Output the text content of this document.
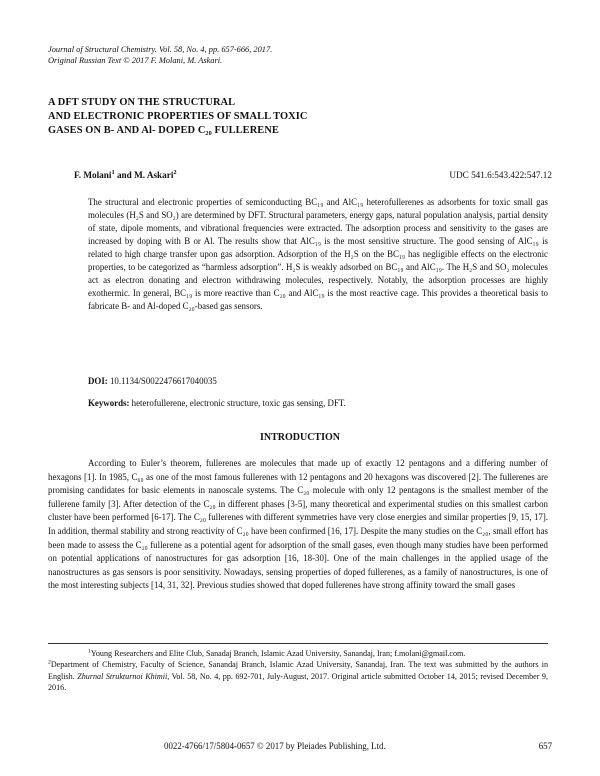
Journal of Structural Chemistry. Vol. 58, No. 4, pp. 657-666, 2017.
Original Russian Text © 2017 F. Molani, M. Askari.
A DFT STUDY ON THE STRUCTURAL
AND ELECTRONIC PROPERTIES OF SMALL TOXIC
GASES ON B- AND Al- DOPED C₂₀ FULLERENE
F. Molani$^1$ and M. Askari$^2$	UDC 541.6:543.422:547.12
The structural and electronic properties of semiconducting BC₁₉ and AlC₁₉ heterofullerenes as adsorbents for toxic small gas molecules (H₂S and SO₂) are determined by DFT. Structural parameters, energy gaps, natural population analysis, partial density of state, dipole moments, and vibrational frequencies were extracted. The adsorption process and sensitivity to the gases are increased by doping with B or Al. The results show that AlC₁₉ is the most sensitive structure. The good sensing of AlC₁₉ is related to high charge transfer upon gas adsorption. Adsorption of the H₂S on the BC₁₉ has negligible effects on the electronic properties, to be categorized as “harmless adsorption”. H₂S is weakly adsorbed on BC₁₉ and AlC₁₉. The H₂S and SO₂ molecules act as electron donating and electron withdrawing molecules, respectively. Notably, the adsorption processes are highly exothermic. In general, BC₁₉ is more reactive than C₂₀ and AlC₁₉ is the most reactive cage. This provides a theoretical basis to fabricate B- and Al-doped C₂₀-based gas sensors.
DOI: 10.1134/S0022476617040035
Keywords: heterofullerene, electronic structure, toxic gas sensing, DFT.
INTRODUCTION

According to Euler’s theorem, fullerenes are molecules that made up of exactly 12 pentagons and a differing number of hexagons [1]. In 1985, C₆₀ as one of the most famous fullerenes with 12 pentagons and 20 hexagons was discovered [2]. The fullerenes are promising candidates for basic elements in nanoscale systems. The C₂₀ molecule with only 12 pentagons is the smallest member of the fullerene family [3]. After detection of the C₂₀ in different phases [3-5], many theoretical and experimental studies on this smallest carbon cluster have been performed [6-17]. The C₂₀ fullerenes with different symmetries have very close energies and similar properties [9, 15, 17]. In addition, thermal stability and strong reactivity of C₂₀ have been confirmed [16, 17]. Despite the many studies on the C₂₀, small effort has been made to assess the C₂₀ fullerene as a potential agent for adsorption of the small gases, even though many studies have been performed on potential applications of nanostructures for gas adsorption [16, 18-30]. One of the main challenges in the applied usage of the nanostructures as gas sensors is poor sensitivity. Nowadays, sensing properties of doped fullerenes, as a family of nanostructures, is one of the most interesting subjects [14, 31, 32]. Previous studies showed that doped fullerenes have strong affinity toward the small gases

$^1$Young Researchers and Elite Club, Sanadaj Branch, Islamic Azad University, Sanandaj, Iran; f.molani@gmail.com.

$^2$Department of Chemistry, Faculty of Science, Sanandaj Branch, Islamic Azad University, Sanandaj, Iran. The text was submitted by the authors in English. Zhurnal Strukturnoi Khimii, Vol. 58, No. 4, pp. 692-701, July-August, 2017. Original article submitted October 14, 2015; revised December 9, 2016.

0022-4766/17/5804-0657 © 2017 by Pleiades Publishing, Ltd.	657
